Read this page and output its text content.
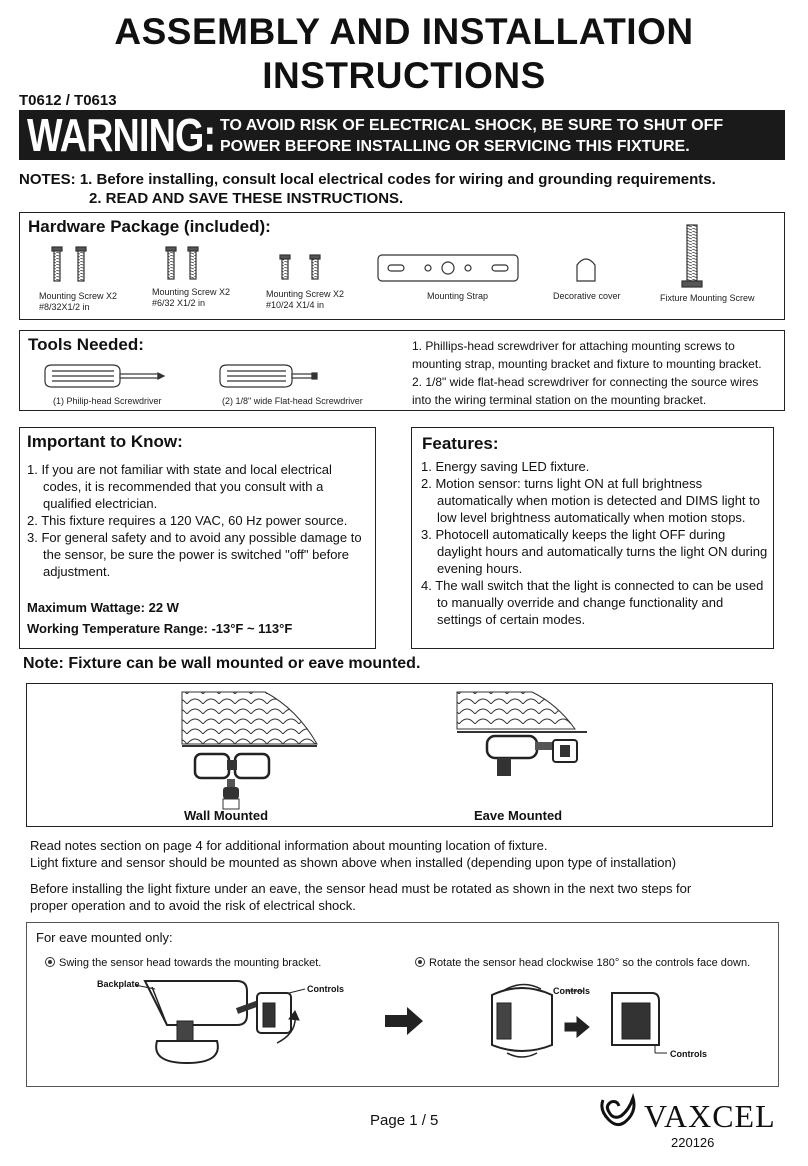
ASSEMBLY AND INSTALLATION
INSTRUCTIONS
T0612 / T0613
WARNING: TO AVOID RISK OF ELECTRICAL SHOCK, BE SURE TO SHUT OFF
POWER BEFORE INSTALLING OR SERVICING THIS FIXTURE.
NOTES: 1. Before installing, consult local electrical codes for wiring and grounding requirements.
2. READ AND SAVE THESE INSTRUCTIONS.
Hardware Package (included):
Mounting Screw X2
#8/32X1/2 in
Mounting Screw X2
#6/32 X1/2 in
Mounting Screw X2
#10/24 X1/4 in
Mounting Strap	Decorative cover	Fixture Mounting Screw
Tools Needed:
(1) Philip-head Screwdriver	(2) 1/8" wide Flat-head Screwdriver
1. Phillips-head screwdriver for attaching mounting screws to
mounting strap, mounting bracket and fixture to mounting bracket.
2. 1/8" wide flat-head screwdriver for connecting the source wires
into the wiring terminal station on the mounting bracket.
Important to Know:
1. If you are not familiar with state and local electrical codes, it is recommended that you consult with a qualified electrician.
2. This fixture requires a 120 VAC, 60 Hz power source.
3. For general safety and to avoid any possible damage to the sensor, be sure the power is switched "off" before adjustment.
Maximum Wattage: 22 W
Working Temperature Range: -13°F ~ 113°F
Features:
1. Energy saving LED fixture.
2. Motion sensor: turns light ON at full brightness automatically when motion is detected and DIMS light to low level brightness automatically when motion stops.
3. Photocell automatically keeps the light OFF during daylight hours and automatically turns the light ON during evening hours.
4. The wall switch that the light is connected to can be used to manually override and change functionality and settings of certain modes.
Note: Fixture can be wall mounted or eave mounted.
Wall Mounted	Eave Mounted
Read notes section on page 4 for additional information about mounting location of fixture.
Light fixture and sensor should be mounted as shown above when installed (depending upon type of installation)
Before installing the light fixture under an eave, the sensor head must be rotated as shown in the next two steps for
proper operation and to avoid the risk of electrical shock.
For eave mounted only:
Swing the sensor head towards the mounting bracket.	Rotate the sensor head clockwise 180° so the controls face down.
Backplate	Controls	Controls
Controls
Page 1 / 5	VAXCEL
220126
